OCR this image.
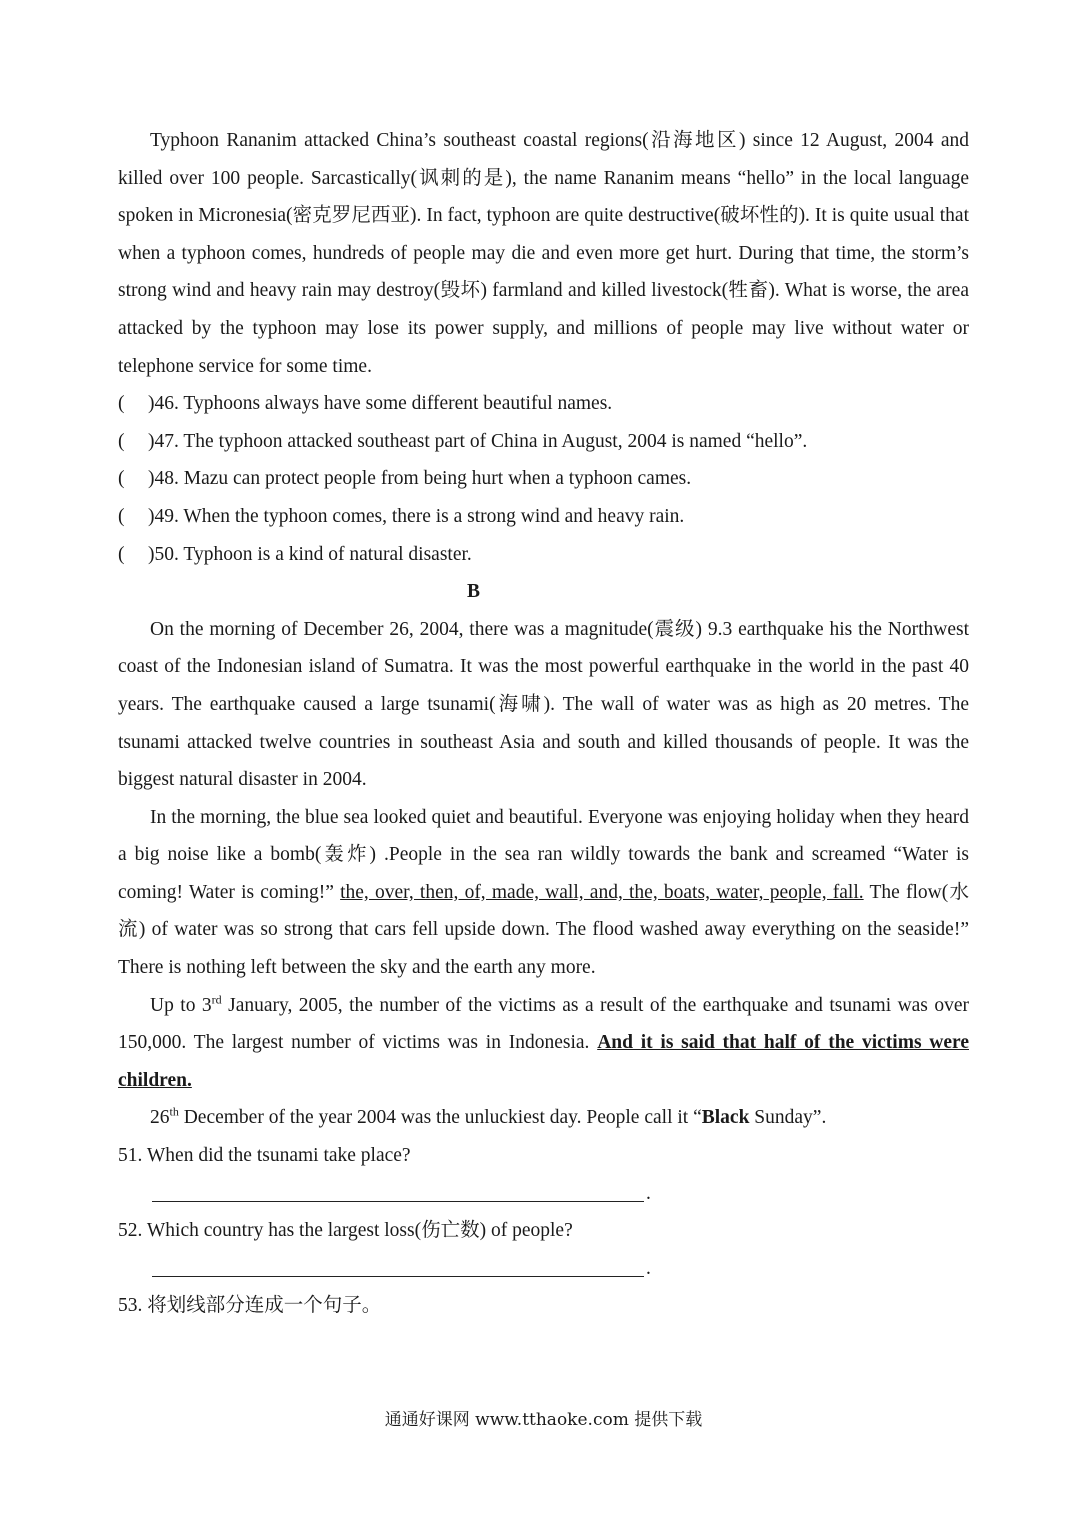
Typhoon Rananim attacked China’s southeast coastal regions(沿海地区) since 12 August, 2004 and killed over 100 people. Sarcastically(讽刺的是), the name Rananim means “hello” in the local language spoken in Micronesia(密克罗尼西亚). In fact, typhoon are quite destructive(破坏性的). It is quite usual that when a typhoon comes, hundreds of people may die and even more get hurt. During that time, the storm’s strong wind and heavy rain may destroy(毁坏) farmland and killed livestock(牲畜). What is worse, the area attacked by the typhoon may lose its power supply, and millions of people may live without water or telephone service for some time.

( )46. Typhoons always have some different beautiful names.

( )47. The typhoon attacked southeast part of China in August, 2004 is named “hello”.

( )48. Mazu can protect people from being hurt when a typhoon cames.

( )49. When the typhoon comes, there is a strong wind and heavy rain.

( )50. Typhoon is a kind of natural disaster.

B

On the morning of December 26, 2004, there was a magnitude(震级) 9.3 earthquake his the Northwest coast of the Indonesian island of Sumatra. It was the most powerful earthquake in the world in the past 40 years. The earthquake caused a large tsunami(海啸). The wall of water was as high as 20 metres. The tsunami attacked twelve countries in southeast Asia and south and killed thousands of people. It was the biggest natural disaster in 2004.

In the morning, the blue sea looked quiet and beautiful. Everyone was enjoying holiday when they heard a big noise like a bomb(轰炸) .People in the sea ran wildly towards the bank and screamed “Water is coming! Water is coming!” the, over, then, of, made, wall, and, the, boats, water, people, fall. The flow(水流) of water was so strong that cars fell upside down. The flood washed away everything on the seaside!” There is nothing left between the sky and the earth any more.

Up to 3rd January, 2005, the number of the victims as a result of the earthquake and tsunami was over 150,000. The largest number of victims was in Indonesia. And it is said that half of the victims were children.

26th December of the year 2004 was the unluckiest day. People call it “Black Sunday”.

51. When did the tsunami take place?

.

52. Which country has the largest loss(伤亡数) of people?

.

53. 将划线部分连成一个句子。

通通好课网 www.tthaoke.com 提供下载
